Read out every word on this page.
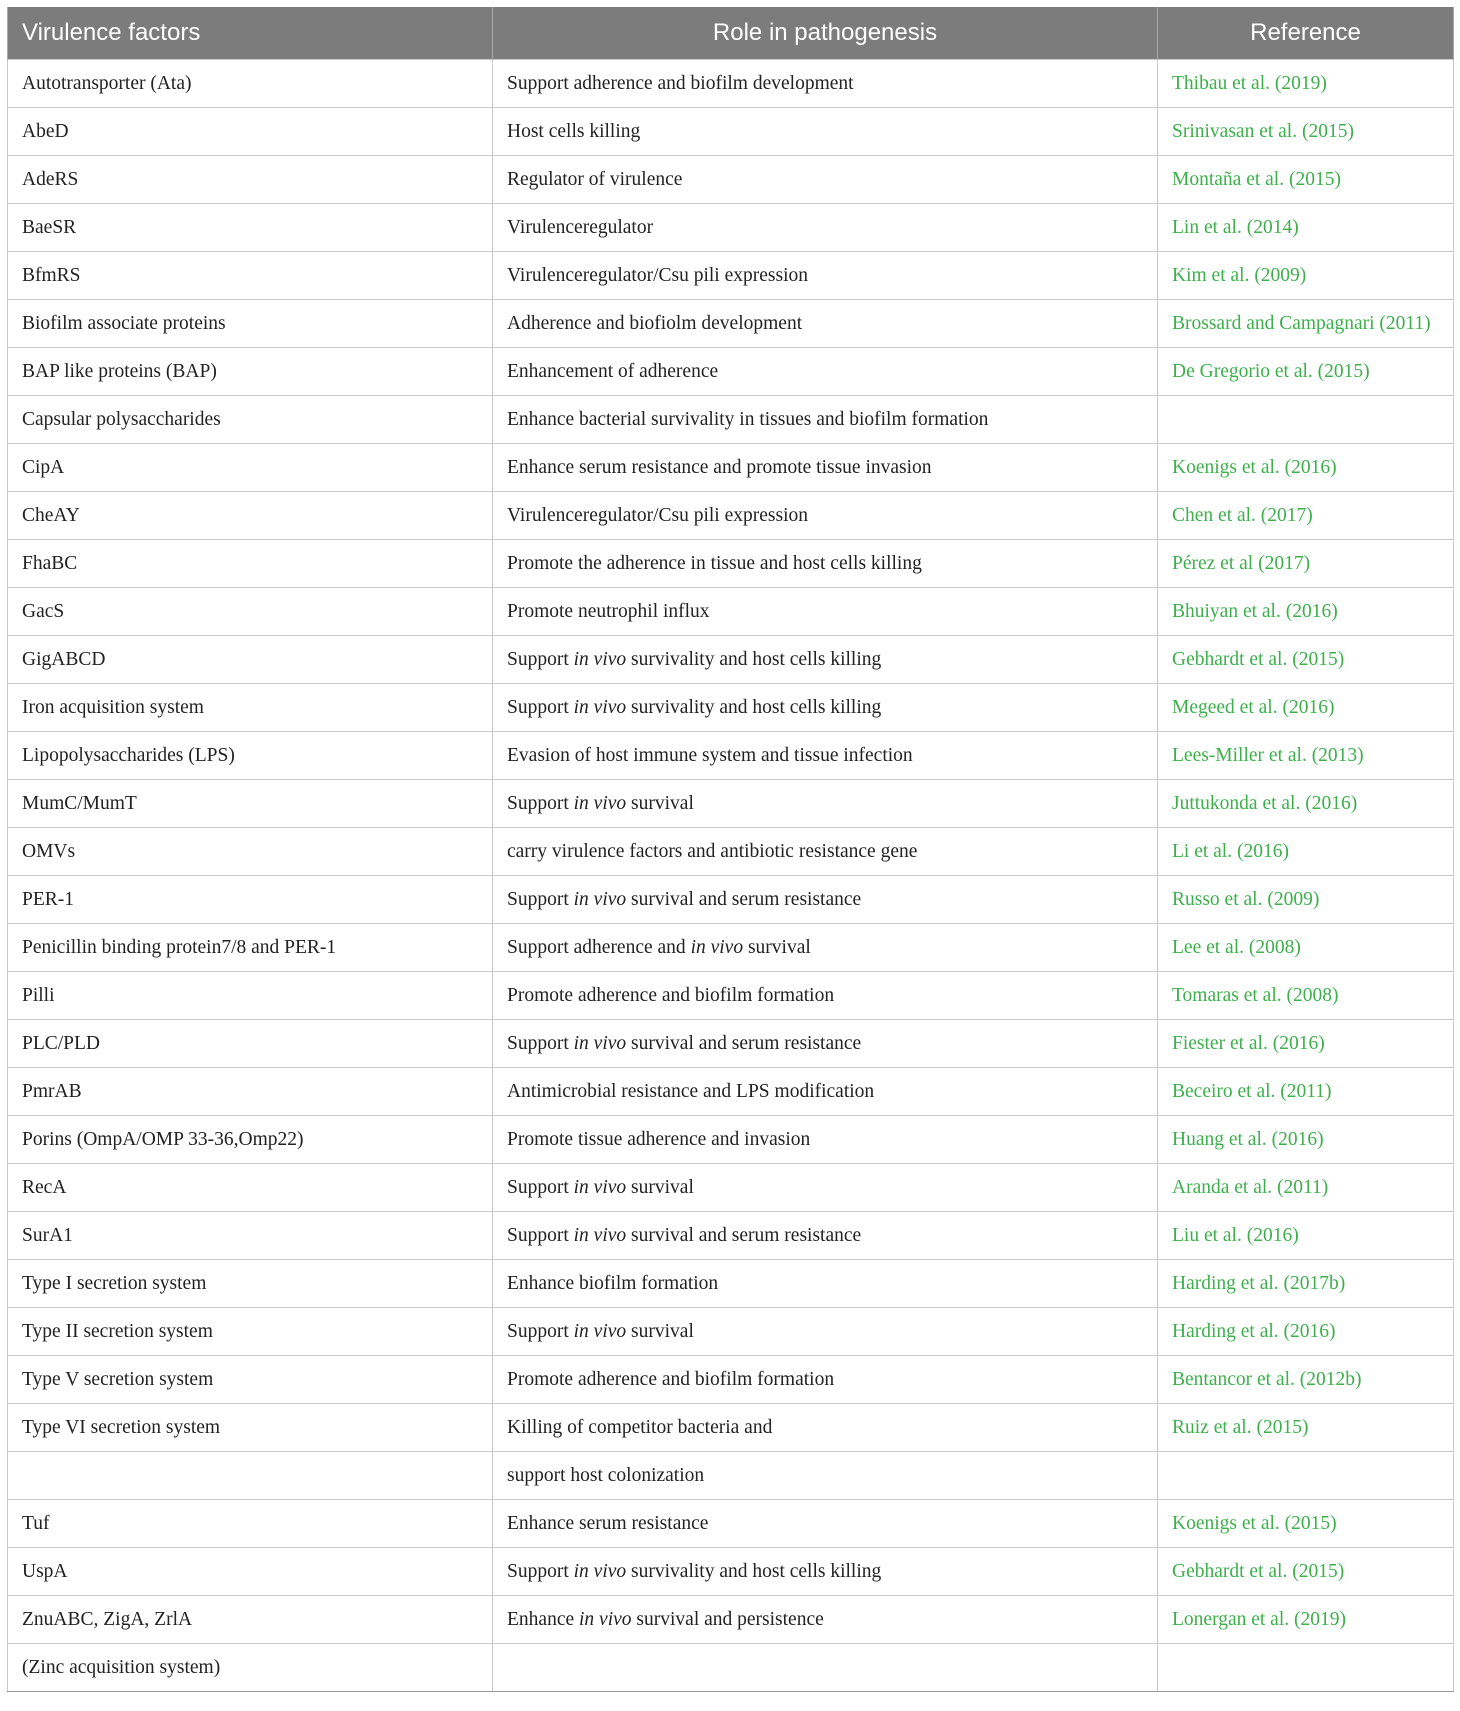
Virulence factors	Role in pathogenesis	Reference
Autotransporter (Ata)	Support adherence and biofilm development	Thibau et al. (2019)
AbeD	Host cells killing	Srinivasan et al. (2015)
AdeRS	Regulator of virulence	Montaña et al. (2015)
BaeSR	Virulenceregulator	Lin et al. (2014)
BfmRS	Virulenceregulator/Csu pili expression	Kim et al. (2009)
Biofilm associate proteins	Adherence and biofiolm development	Brossard and Campagnari (2011)
BAP like proteins (BAP)	Enhancement of adherence	De Gregorio et al. (2015)
Capsular polysaccharides	Enhance bacterial survivality in tissues and biofilm formation	
CipA	Enhance serum resistance and promote tissue invasion	Koenigs et al. (2016)
CheAY	Virulenceregulator/Csu pili expression	Chen et al. (2017)
FhaBC	Promote the adherence in tissue and host cells killing	Pérez et al (2017)
GacS	Promote neutrophil influx	Bhuiyan et al. (2016)
GigABCD	Support in vivo survivality and host cells killing	Gebhardt et al. (2015)
Iron acquisition system	Support in vivo survivality and host cells killing	Megeed et al. (2016)
Lipopolysaccharides (LPS)	Evasion of host immune system and tissue infection	Lees-Miller et al. (2013)
MumC/MumT	Support in vivo survival	Juttukonda et al. (2016)
OMVs	carry virulence factors and antibiotic resistance gene	Li et al. (2016)
PER-1	Support in vivo survival and serum resistance	Russo et al. (2009)
Penicillin binding protein7/8 and PER-1	Support adherence and in vivo survival	Lee et al. (2008)
Pilli	Promote adherence and biofilm formation	Tomaras et al. (2008)
PLC/PLD	Support in vivo survival and serum resistance	Fiester et al. (2016)
PmrAB	Antimicrobial resistance and LPS modification	Beceiro et al. (2011)
Porins (OmpA/OMP 33-36,Omp22)	Promote tissue adherence and invasion	Huang et al. (2016)
RecA	Support in vivo survival	Aranda et al. (2011)
SurA1	Support in vivo survival and serum resistance	Liu et al. (2016)
Type I secretion system	Enhance biofilm formation	Harding et al. (2017b)
Type II secretion system	Support in vivo survival	Harding et al. (2016)
Type V secretion system	Promote adherence and biofilm formation	Bentancor et al. (2012b)
Type VI secretion system	Killing of competitor bacteria and	Ruiz et al. (2015)
	support host colonization	
Tuf	Enhance serum resistance	Koenigs et al. (2015)
UspA	Support in vivo survivality and host cells killing	Gebhardt et al. (2015)
ZnuABC, ZigA, ZrlA	Enhance in vivo survival and persistence	Lonergan et al. (2019)
(Zinc acquisition system)		
